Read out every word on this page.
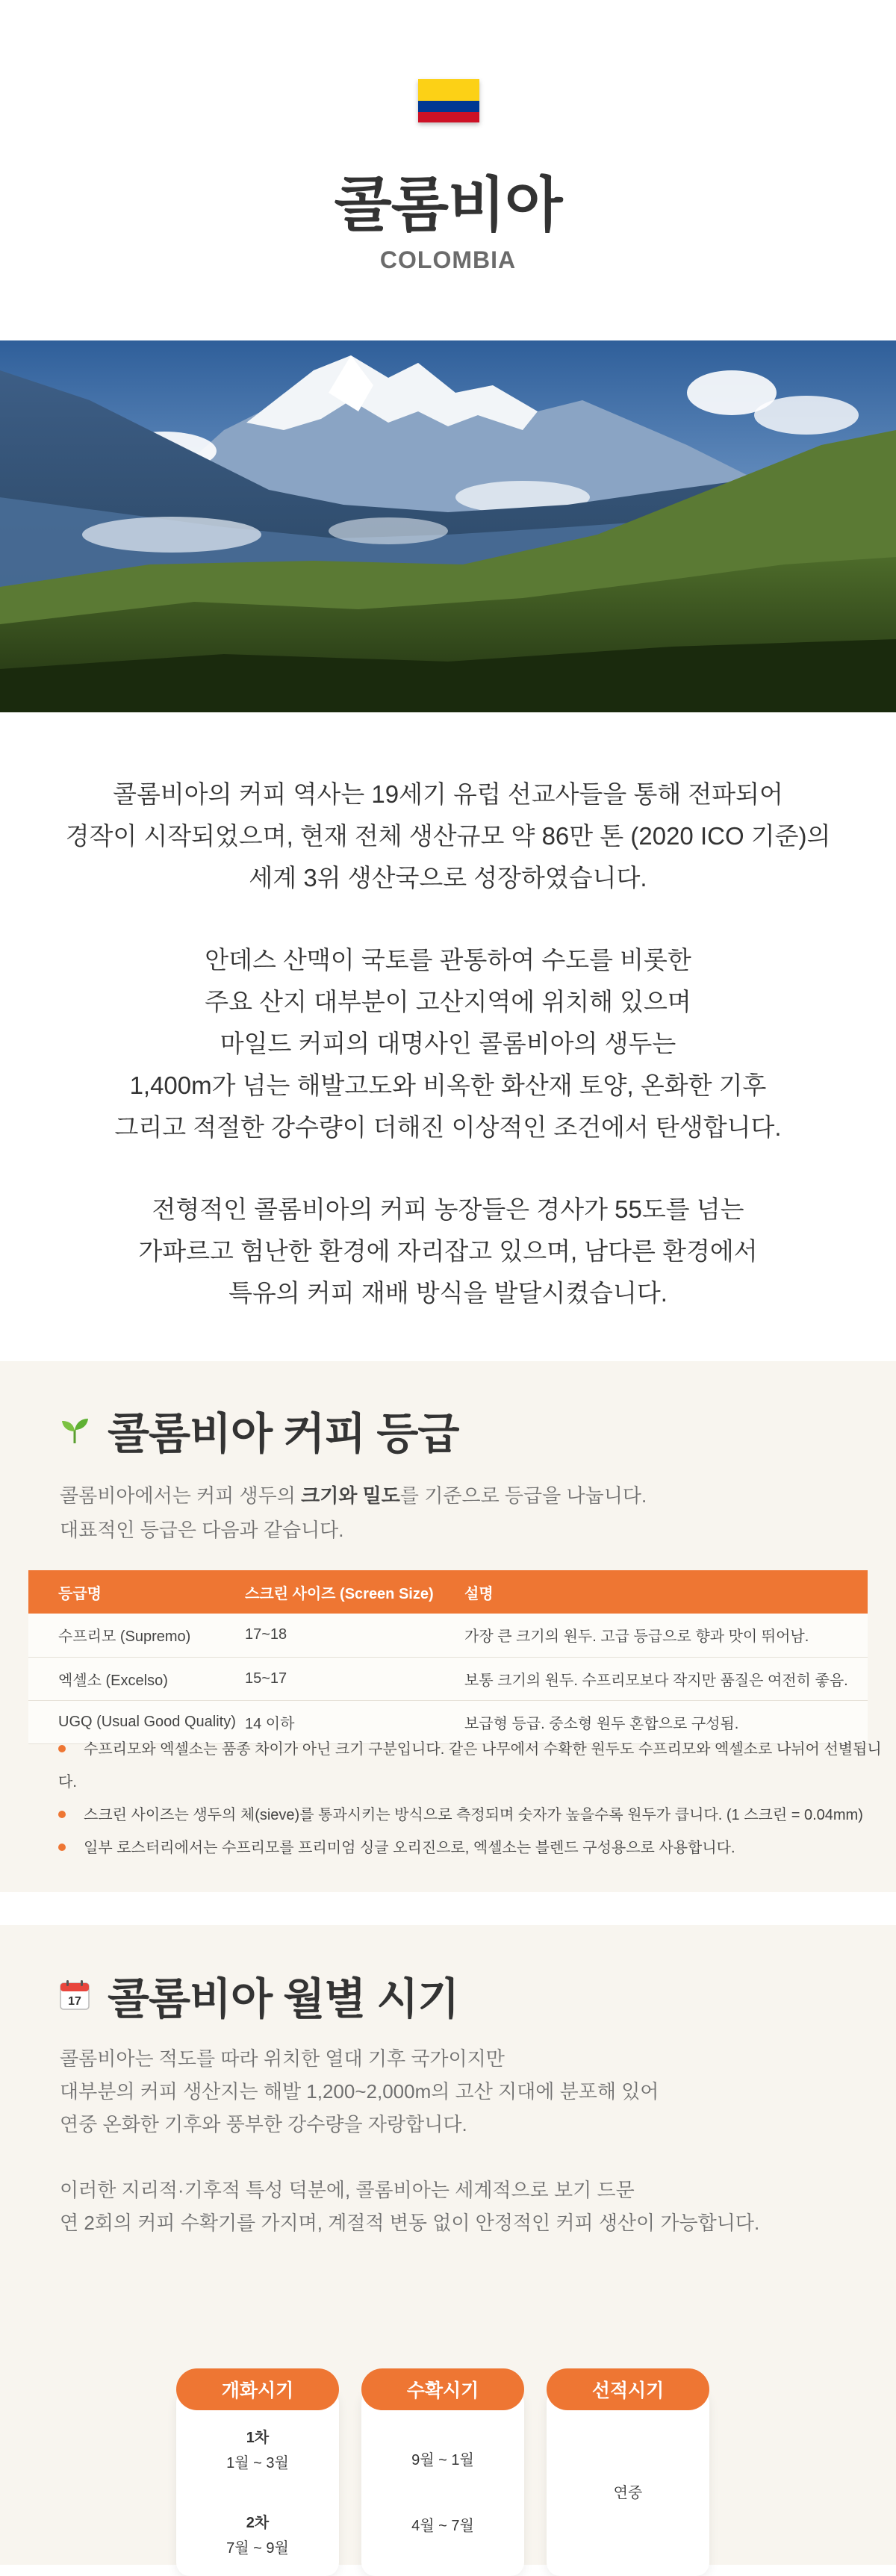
콜롬비아
COLOMBIA

콜롬비아의 커피 역사는 19세기 유럽 선교사들을 통해 전파되어
경작이 시작되었으며, 현재 전체 생산규모 약 86만 톤 (2020 ICO 기준)의
세계 3위 생산국으로 성장하였습니다.

안데스 산맥이 국토를 관통하여 수도를 비롯한
주요 산지 대부분이 고산지역에 위치해 있으며
마일드 커피의 대명사인 콜롬비아의 생두는
1,400m가 넘는 해발고도와 비옥한 화산재 토양, 온화한 기후
그리고 적절한 강수량이 더해진 이상적인 조건에서 탄생합니다.

전형적인 콜롬비아의 커피 농장들은 경사가 55도를 넘는
가파르고 험난한 환경에 자리잡고 있으며, 남다른 환경에서
특유의 커피 재배 방식을 발달시켰습니다.

콜롬비아 커피 등급
콜롬비아에서는 커피 생두의 크기와 밀도를 기준으로 등급을 나눕니다.
대표적인 등급은 다음과 같습니다.
등급명	스크린 사이즈 (Screen Size)	설명
수프리모 (Supremo)	17~18	가장 큰 크기의 원두. 고급 등급으로 향과 맛이 뛰어남.
엑셀소 (Excelso)	15~17	보통 크기의 원두. 수프리모보다 작지만 품질은 여전히 좋음.
UGQ (Usual Good Quality)	14 이하	보급형 등급. 중소형 원두 혼합으로 구성됨.
수프리모와 엑셀소는 품종 차이가 아닌 크기 구분입니다. 같은 나무에서 수확한 원두도 수프리모와 엑셀소로 나뉘어 선별됩니다.
스크린 사이즈는 생두의 체(sieve)를 통과시키는 방식으로 측정되며 숫자가 높을수록 원두가 큽니다. (1 스크린 = 0.04mm)
일부 로스터리에서는 수프리모를 프리미엄 싱글 오리진으로, 엑셀소는 블렌드 구성용으로 사용합니다.
17 콜롬비아 월별 시기
콜롬비아는 적도를 따라 위치한 열대 기후 국가이지만
대부분의 커피 생산지는 해발 1,200~2,000m의 고산 지대에 분포해 있어
연중 온화한 기후와 풍부한 강수량을 자랑합니다.
이러한 지리적·기후적 특성 덕분에, 콜롬비아는 세계적으로 보기 드문
연 2회의 커피 수확기를 가지며, 계절적 변동 없이 안정적인 커피 생산이 가능합니다.
개화시기
1차
1월 ~ 3월
2차
7월 ~ 9월
수확시기
9월 ~ 1월
4월 ~ 7월
선적시기
연중
